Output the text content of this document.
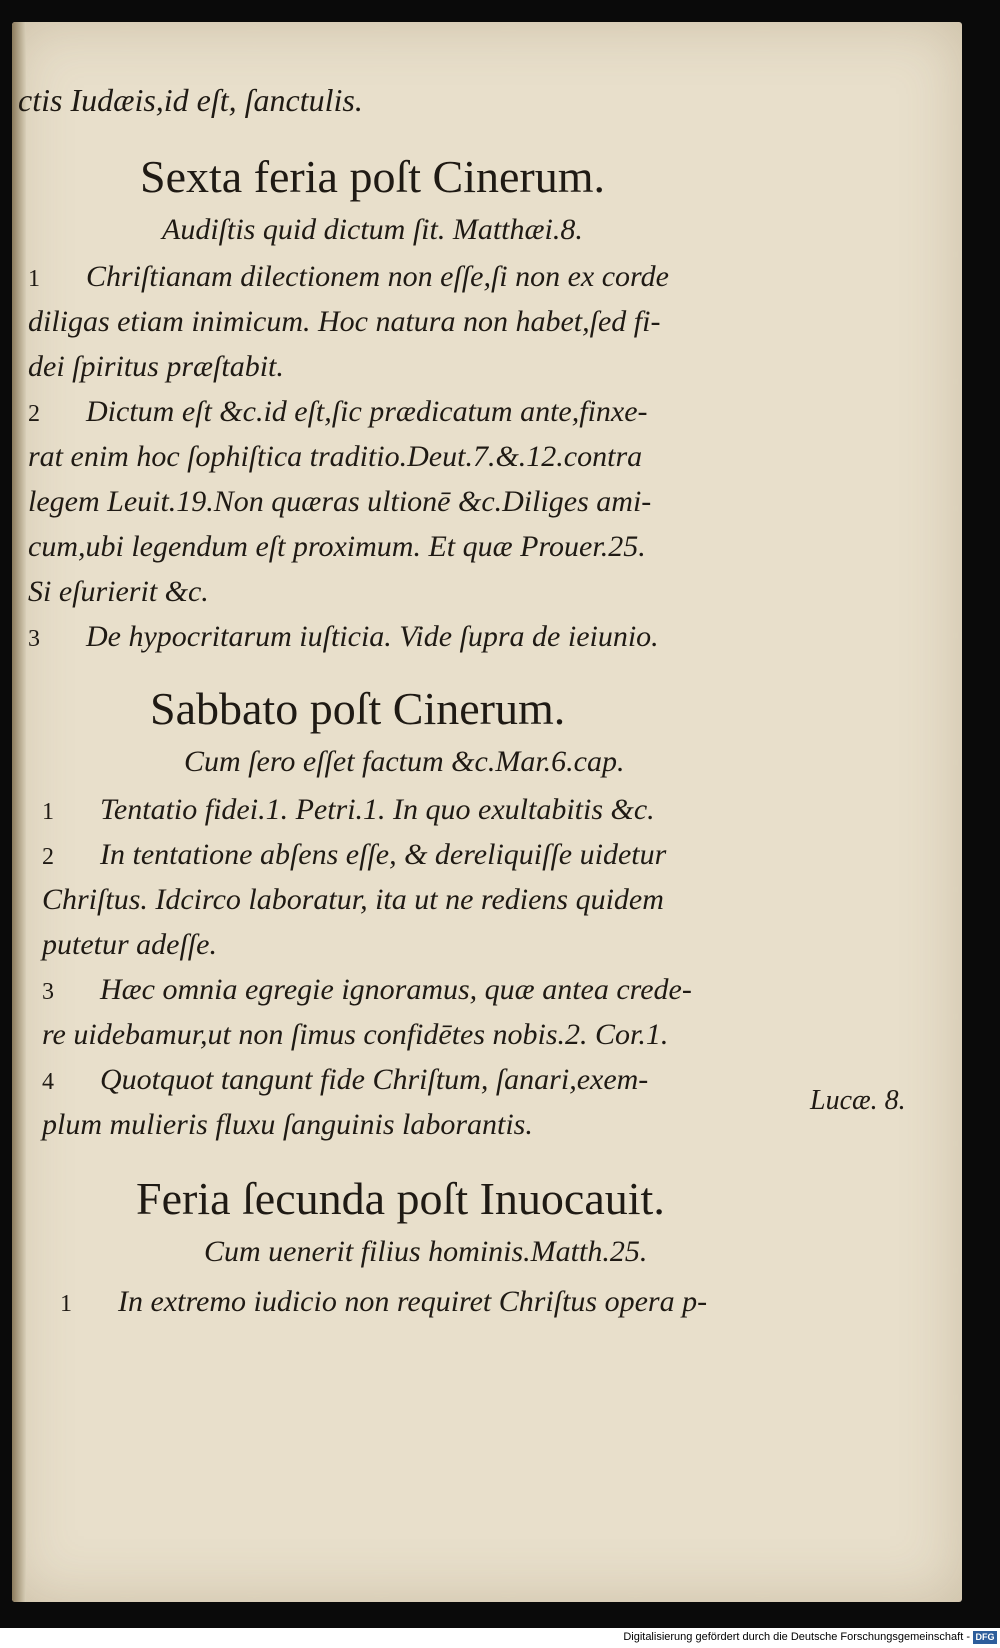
ctis Iudæis,id eſt, ſanctulis.
Sexta feria poſt Cinerum.
Audiſtis quid dictum ſit. Matthæi.8.
1 Chriſtianam dilectionem non eſſe,ſi non ex corde
diligas etiam inimicum. Hoc natura non habet,ſed fi-
dei ſpiritus præſtabit.
2 Dictum eſt &c.id eſt,ſic prædicatum ante,finxe-
rat enim hoc ſophiſtica traditio.Deut.7.&.12.contra
legem Leuit.19.Non quæras ultionē &c.Diliges ami-
cum,ubi legendum eſt proximum. Et quæ Prouer.25.
Si eſurierit &c.
3 De hypocritarum iuſticia. Vide ſupra de ieiunio.
Sabbato poſt Cinerum.
Cum ſero eſſet factum &c.Mar.6.cap.
1 Tentatio fidei.1. Petri.1. In quo exultabitis &c.
2 In tentatione abſens eſſe, & dereliquiſſe uidetur
Chriſtus. Idcirco laboratur, ita ut ne rediens quidem
putetur adeſſe.
3 Hæc omnia egregie ignoramus, quæ antea crede-
re uidebamur,ut non ſimus confidētes nobis.2. Cor.1.
4 Quotquot tangunt fide Chriſtum, ſanari,exem-
plum mulieris fluxu ſanguinis laborantis.
Lucæ. 8.
Feria ſecunda poſt Inuocauit.
Cum uenerit filius hominis.Matth.25.
1 In extremo iudicio non requiret Chriſtus opera p-
Digitalisierung gefördert durch die Deutsche Forschungsgemeinschaft - DFG
